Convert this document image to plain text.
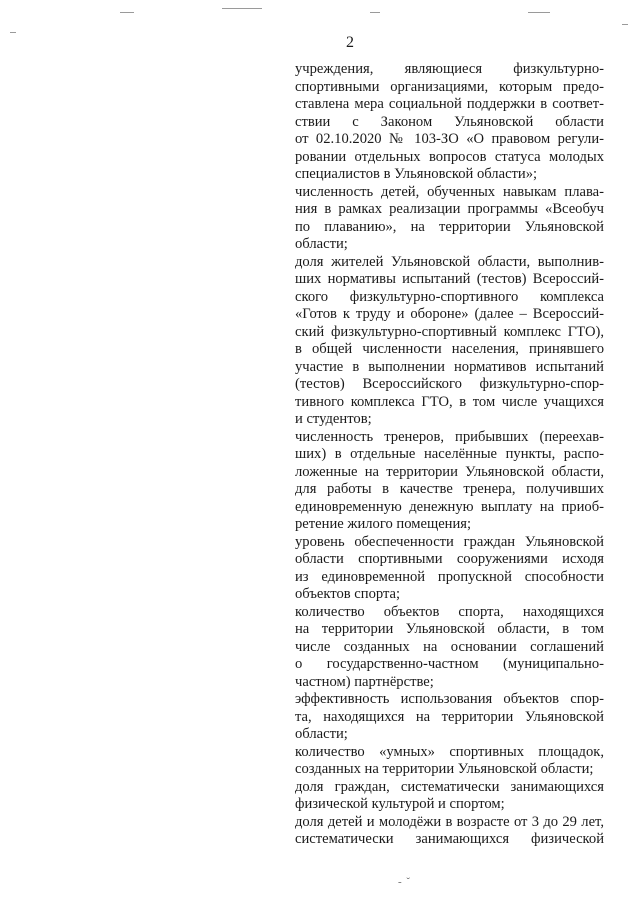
2
учреждения, являющиеся физкультурно-
спортивными организациями, которым предо-
ставлена мера социальной поддержки в соответ-
ствии с Законом Ульяновской области
от 02.10.2020 № 103-ЗО «О правовом регули-
ровании отдельных вопросов статуса молодых
специалистов в Ульяновской области»;
численность детей, обученных навыкам плава-
ния в рамках реализации программы «Всеобуч
по плаванию», на территории Ульяновской
области;
доля жителей Ульяновской области, выполнив-
ших нормативы испытаний (тестов) Всероссий-
ского физкультурно-спортивного комплекса
«Готов к труду и обороне» (далее – Всероссий-
ский физкультурно-спортивный комплекс ГТО),
в общей численности населения, принявшего
участие в выполнении нормативов испытаний
(тестов) Всероссийского физкультурно-спор-
тивного комплекса ГТО, в том числе учащихся
и студентов;
численность тренеров, прибывших (переехав-
ших) в отдельные населённые пункты, распо-
ложенные на территории Ульяновской области,
для работы в качестве тренера, получивших
единовременную денежную выплату на приоб-
ретение жилого помещения;
уровень обеспеченности граждан Ульяновской
области спортивными сооружениями исходя
из единовременной пропускной способности
объектов спорта;
количество объектов спорта, находящихся
на территории Ульяновской области, в том
числе созданных на основании соглашений
о государственно-частном (муниципально-
частном) партнёрстве;
эффективность использования объектов спор-
та, находящихся на территории Ульяновской
области;
количество «умных» спортивных площадок,
созданных на территории Ульяновской области;
доля граждан, систематически занимающихся
физической культурой и спортом;
доля детей и молодёжи в возрасте от 3 до 29 лет,
систематически занимающихся физической
- ˇ
